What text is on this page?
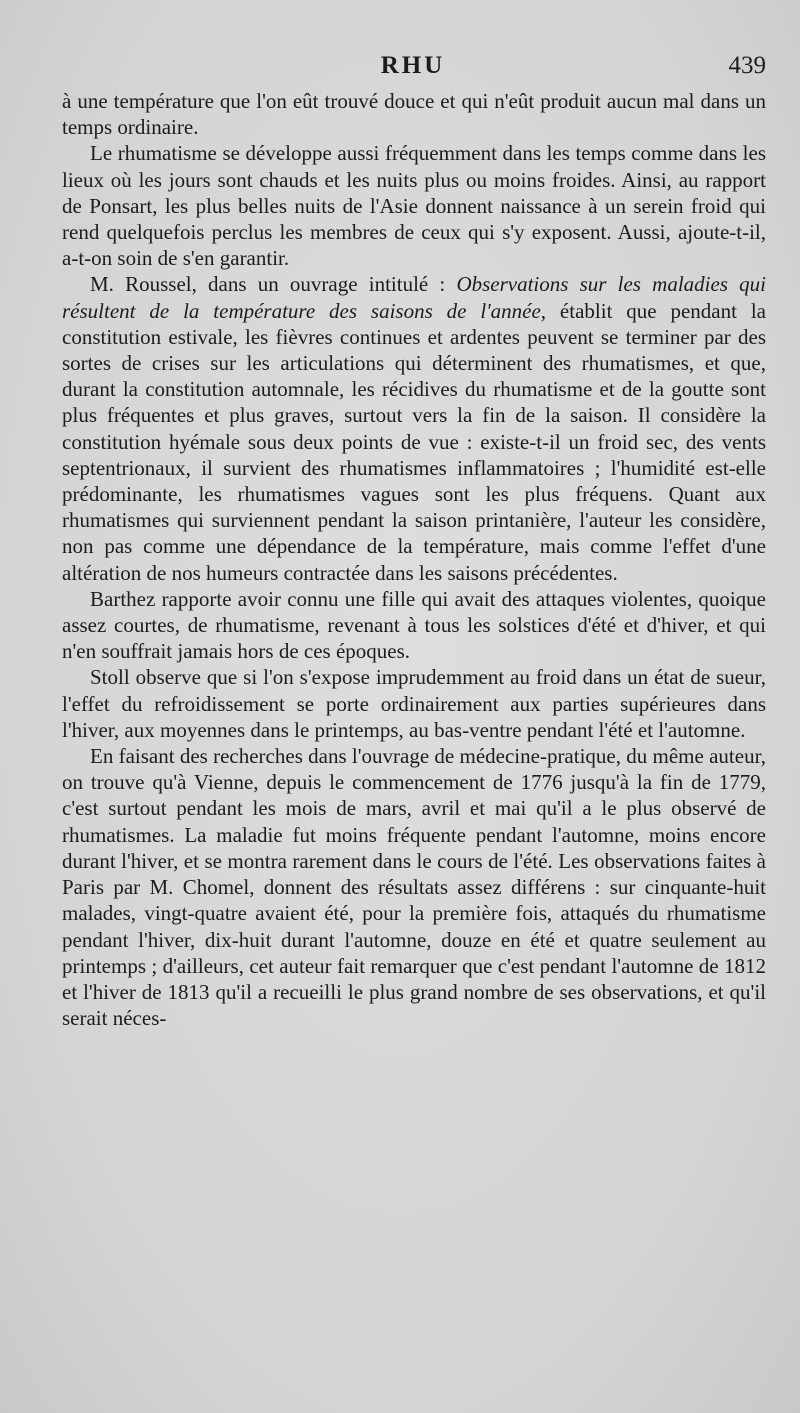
RHU	439

à une température que l'on eût trouvé douce et qui n'eût produit aucun mal dans un temps ordinaire.

Le rhumatisme se développe aussi fréquemment dans les temps comme dans les lieux où les jours sont chauds et les nuits plus ou moins froides. Ainsi, au rapport de Ponsart, les plus belles nuits de l'Asie donnent naissance à un serein froid qui rend quelquefois perclus les membres de ceux qui s'y exposent. Aussi, ajoute-t-il, a-t-on soin de s'en garantir.

M. Roussel, dans un ouvrage intitulé : Observations sur les maladies qui résultent de la température des saisons de l'année, établit que pendant la constitution estivale, les fièvres continues et ardentes peuvent se terminer par des sortes de crises sur les articulations qui déterminent des rhumatismes, et que, durant la constitution automnale, les récidives du rhumatisme et de la goutte sont plus fréquentes et plus graves, surtout vers la fin de la saison. Il considère la constitution hyémale sous deux points de vue : existe-t-il un froid sec, des vents septentrionaux, il survient des rhumatismes inflammatoires ; l'humidité est-elle prédominante, les rhumatismes vagues sont les plus fréquens. Quant aux rhumatismes qui surviennent pendant la saison printanière, l'auteur les considère, non pas comme une dépendance de la température, mais comme l'effet d'une altération de nos humeurs contractée dans les saisons précédentes.

Barthez rapporte avoir connu une fille qui avait des attaques violentes, quoique assez courtes, de rhumatisme, revenant à tous les solstices d'été et d'hiver, et qui n'en souffrait jamais hors de ces époques.

Stoll observe que si l'on s'expose imprudemment au froid dans un état de sueur, l'effet du refroidissement se porte ordinairement aux parties supérieures dans l'hiver, aux moyennes dans le printemps, au bas-ventre pendant l'été et l'automne.

En faisant des recherches dans l'ouvrage de médecine-pratique, du même auteur, on trouve qu'à Vienne, depuis le commencement de 1776 jusqu'à la fin de 1779, c'est surtout pendant les mois de mars, avril et mai qu'il a le plus observé de rhumatismes. La maladie fut moins fréquente pendant l'automne, moins encore durant l'hiver, et se montra rarement dans le cours de l'été. Les observations faites à Paris par M. Chomel, donnent des résultats assez différens : sur cinquante-huit malades, vingt-quatre avaient été, pour la première fois, attaqués du rhumatisme pendant l'hiver, dix-huit durant l'automne, douze en été et quatre seulement au printemps ; d'ailleurs, cet auteur fait remarquer que c'est pendant l'automne de 1812 et l'hiver de 1813 qu'il a recueilli le plus grand nombre de ses observations, et qu'il serait néces-
